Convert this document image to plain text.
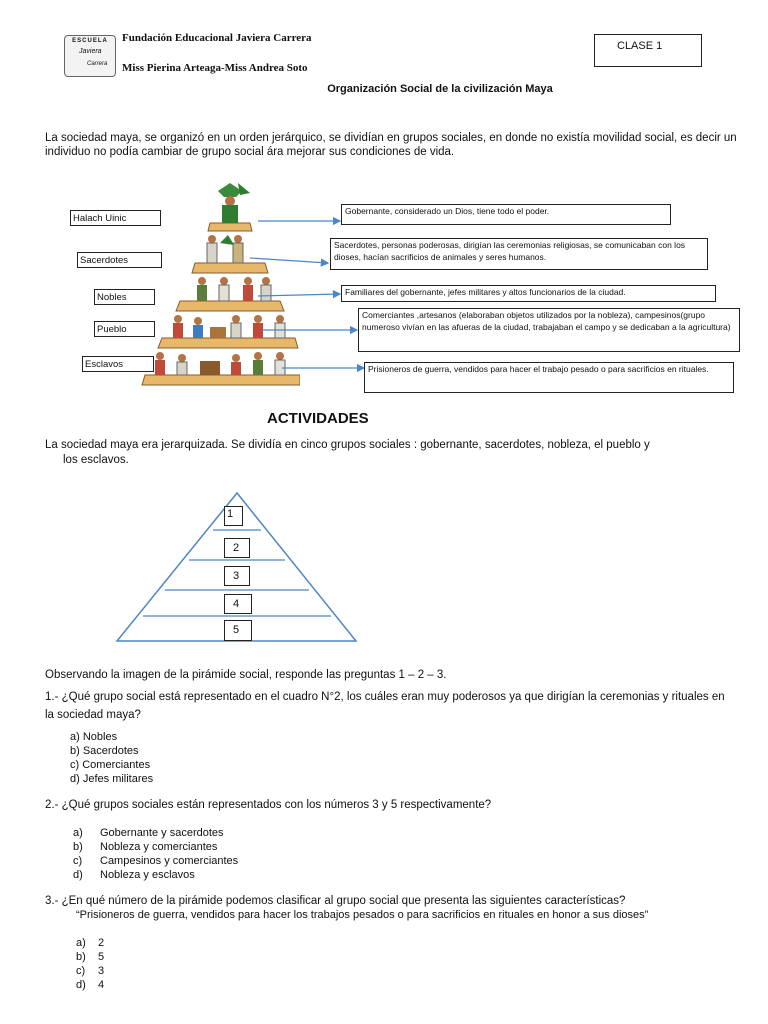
ESCUELA
Javiera
Carrera
Fundación Educacional Javiera Carrera
Miss Pierina Arteaga-Miss Andrea Soto
CLASE 1
Organización Social de la civilización Maya
La sociedad maya, se organizó en un orden jerárquico, se dividían en grupos sociales, en donde no existía movilidad social, es decir un individuo no podía cambiar de grupo social ára mejorar sus condiciones de vida.
Halach Uinic
Sacerdotes
Nobles
Pueblo
Esclavos
Gobernante, considerado un Dios, tiene todo el poder.
Sacerdotes, personas poderosas, dirigían las ceremonias religiosas, se comunicaban con los dioses, hacían sacrificios de animales y seres humanos.
Familiares del gobernante, jefes militares y altos funcionarios de la ciudad.
Comerciantes ,artesanos (elaboraban objetos utilizados por la nobleza), campesinos(grupo numeroso vivían en las afueras de la ciudad, trabajaban el campo y se dedicaban a la agricultura)
Prisioneros de guerra, vendidos para hacer el trabajo pesado o para sacrificios en rituales.
ACTIVIDADES
La sociedad maya era jerarquizada. Se dividía en cinco grupos sociales : gobernante, sacerdotes, nobleza, el pueblo y
los esclavos.
1
2
3
4
5
Observando la imagen de la pirámide social, responde las preguntas 1 – 2 – 3.
1.- ¿Qué grupo social está representado en el cuadro N°2, los cuáles eran muy poderosos ya que dirigían la ceremonias y rituales en la sociedad maya?
a) Nobles
b) Sacerdotes
c) Comerciantes
d) Jefes militares
2.- ¿Qué grupos sociales están representados con los números 3 y 5 respectivamente?
a)	Gobernante y sacerdotes
b)	Nobleza y comerciantes
c)	Campesinos y comerciantes
d)	Nobleza y esclavos
3.- ¿En qué número de la pirámide podemos clasificar al grupo social que presenta las siguientes características?
“Prisioneros de guerra, vendidos para hacer los trabajos pesados o para sacrificios en rituales en honor a sus dioses”
a)	2
b)	5
c)	3
d)	4
